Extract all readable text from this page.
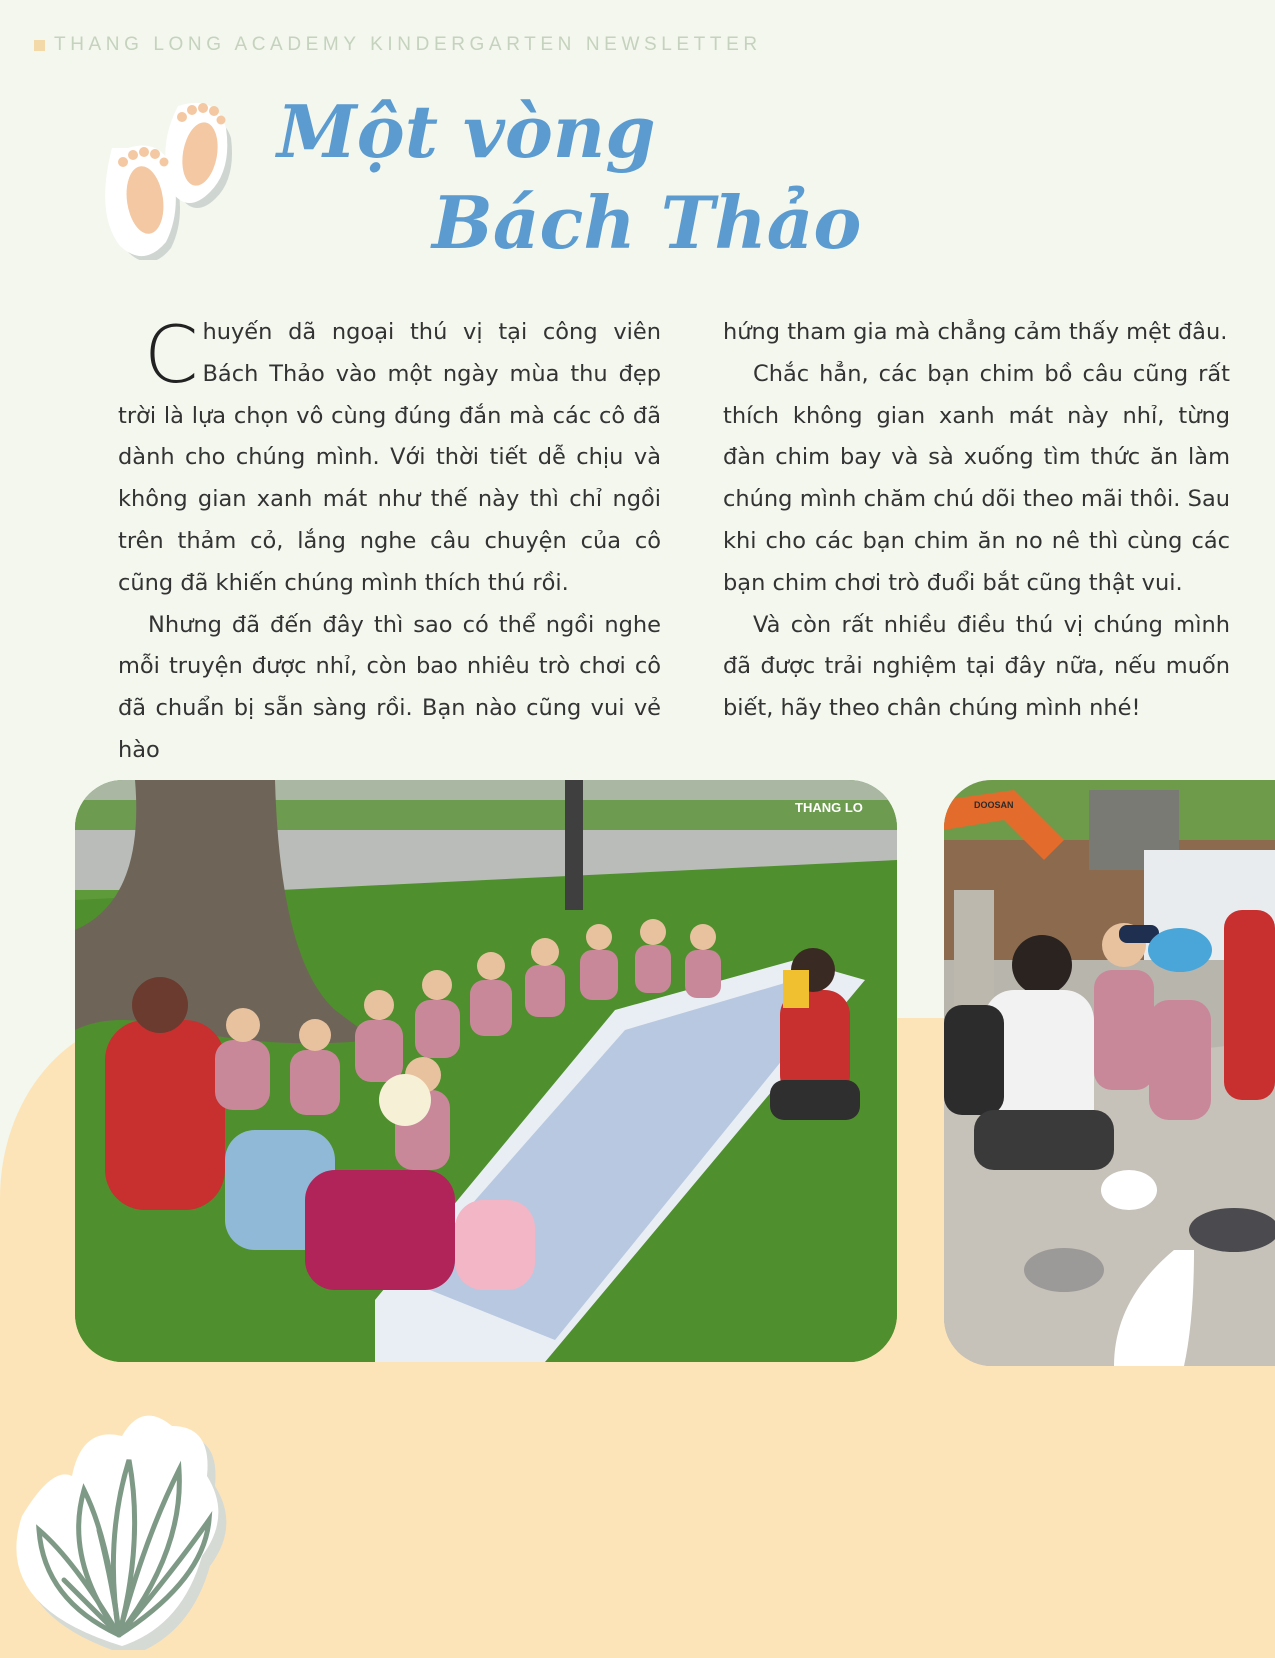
THANG LONG ACADEMY KINDERGARTEN NEWSLETTER
Một vòng
Bách Thảo

Chuyến dã ngoại thú vị tại công viên Bách Thảo vào một ngày mùa thu đẹp trời là lựa chọn vô cùng đúng đắn mà các cô đã dành cho chúng mình. Với thời tiết dễ chịu và không gian xanh mát như thế này thì chỉ ngồi trên thảm cỏ, lắng nghe câu chuyện của cô cũng đã khiến chúng mình thích thú rồi.

Nhưng đã đến đây thì sao có thể ngồi nghe mỗi truyện được nhỉ, còn bao nhiêu trò chơi cô đã chuẩn bị sẵn sàng rồi. Bạn nào cũng vui vẻ hào

hứng tham gia mà chẳng cảm thấy mệt đâu.

Chắc hẳn, các bạn chim bồ câu cũng rất thích không gian xanh mát này nhỉ, từng đàn chim bay và sà xuống tìm thức ăn làm chúng mình chăm chú dõi theo mãi thôi. Sau khi cho các bạn chim ăn no nê thì cùng các bạn chim chơi trò đuổi bắt cũng thật vui.

Và còn rất nhiều điều thú vị chúng mình đã được trải nghiệm tại đây nữa, nếu muốn biết, hãy theo chân chúng mình nhé!

THANG LO	DOOSAN
